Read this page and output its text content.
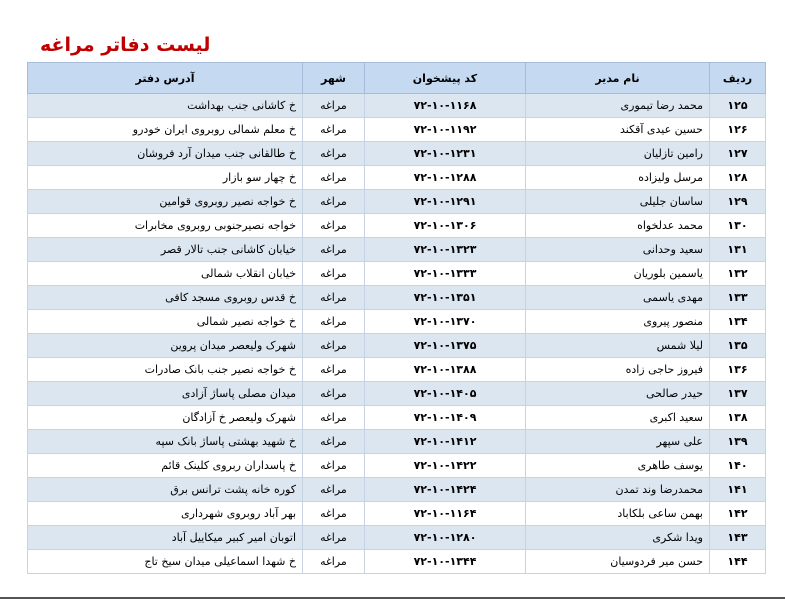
لیست دفاتر مراغه
ردیف	نام مدیر	کد پیشخوان	شهر	آدرس دفتر
۱۲۵	محمد رضا تیموری	۷۲-۱۰-۱۱۶۸	مراغه	خ کاشانی جنب بهداشت
۱۲۶	حسین عیدی آقکند	۷۲-۱۰-۱۱۹۲	مراغه	خ معلم شمالی روبروی ایران خودرو
۱۲۷	رامین تازلیان	۷۲-۱۰-۱۲۳۱	مراغه	خ طالقانی جنب میدان آرد فروشان
۱۲۸	مرسل ولیزاده	۷۲-۱۰-۱۲۸۸	مراغه	خ چهار سو بازار
۱۲۹	ساسان جلیلی	۷۲-۱۰-۱۲۹۱	مراغه	خ خواجه نصیر روبروی قوامین
۱۳۰	محمد عدلخواه	۷۲-۱۰-۱۳۰۶	مراغه	خواجه نصیرجنوبی روبروی مخابرات
۱۳۱	سعید وحدانی	۷۲-۱۰-۱۳۲۳	مراغه	خیابان کاشانی جنب تالار قصر
۱۳۲	یاسمین بلوریان	۷۲-۱۰-۱۳۳۳	مراغه	خیابان انقلاب شمالی
۱۳۳	مهدی یاسمی	۷۲-۱۰-۱۳۵۱	مراغه	خ قدس روبروی مسجد کافی
۱۳۴	منصور پیروی	۷۲-۱۰-۱۳۷۰	مراغه	خ خواجه نصیر شمالی
۱۳۵	لیلا شمس	۷۲-۱۰-۱۳۷۵	مراغه	شهرک ولیعصر میدان پروین
۱۳۶	فیروز حاجی زاده	۷۲-۱۰-۱۳۸۸	مراغه	خ خواجه نصیر جنب بانک صادرات
۱۳۷	حیدر صالحی	۷۲-۱۰-۱۴۰۵	مراغه	میدان مصلی پاساژ آزادی
۱۳۸	سعید اکبری	۷۲-۱۰-۱۴۰۹	مراغه	شهرک ولیعصر خ آزادگان
۱۳۹	علی سپهر	۷۲-۱۰-۱۴۱۲	مراغه	خ شهید بهشتی پاساژ بانک سپه
۱۴۰	یوسف طاهری	۷۲-۱۰-۱۴۲۲	مراغه	خ پاسداران ربروی کلینک قائم
۱۴۱	محمدرضا وند تمدن	۷۲-۱۰-۱۴۲۴	مراغه	کوره خانه پشت ترانس برق
۱۴۲	بهمن ساعی بلکاباد	۷۲-۱۰-۱۱۶۴	مراغه	بهر آباد روبروی شهرداری
۱۴۳	ویدا شکری	۷۲-۱۰-۱۲۸۰	مراغه	اتوبان امیر کبیر میکاییل آباد
۱۴۴	حسن میر فردوسیان	۷۲-۱۰-۱۳۴۴	مراغه	خ شهدا اسماعیلی میدان سیخ تاج
